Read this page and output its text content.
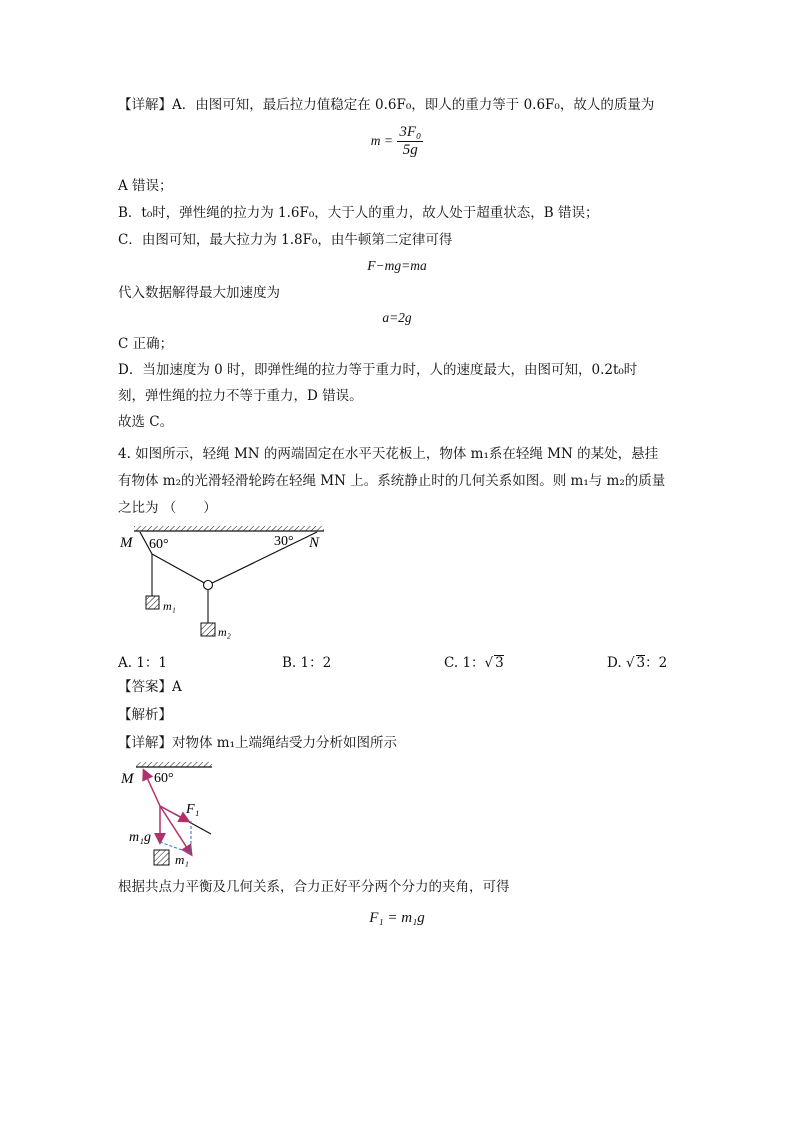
【详解】A．由图可知，最后拉力值稳定在 0.6F₀，即人的重力等于 0.6F₀，故人的质量为
$m = \frac{\text{3F₀}}{5g}$
A 错误；
B．t₀时，弹性绳的拉力为 1.6F₀，大于人的重力，故人处于超重状态，B 错误；
C．由图可知，最大拉力为 1.8F₀，由牛顿第二定律可得
F−mg=ma
代入数据解得最大加速度为
a=2g
C 正确；
D．当加速度为 0 时，即弹性绳的拉力等于重力时，人的速度最大，由图可知，0.2t₀时
刻，弹性绳的拉力不等于重力，D 错误。
故选 C。
4. 如图所示，轻绳 MN 的两端固定在水平天花板上，物体 m₁系在轻绳 MN 的某处，悬挂
有物体 m₂的光滑轻滑轮跨在轻绳 MN 上。系统静止时的几何关系如图。则 m₁与 m₂的质量
之比为 （　　）
M	N
60°	30°
m₁
m₂
A. 1：1	B. 1：2	C. 1：√ 3	D. √ 3：2
【答案】A
【解析】
【详解】对物体 m₁上端绳结受力分析如图所示
M 60°
F₁
m₁g
m₁
根据共点力平衡及几何关系，合力正好平分两个分力的夹角，可得
F₁ = m₁g
